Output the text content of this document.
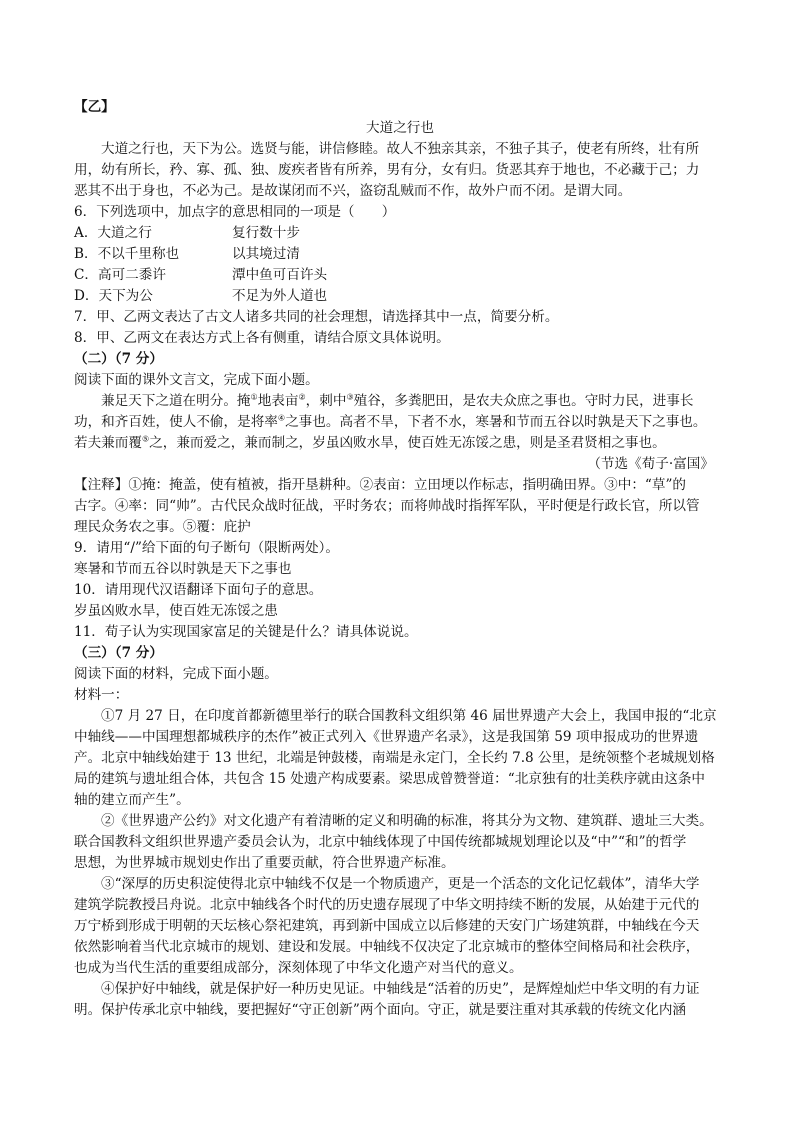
【乙】
大道之行也
大道之行也，天下为公。选贤与能，讲信修睦。故人不独亲其亲，不独子其子，使老有所终，壮有所
用，幼有所长，矜、寡、孤、独、废疾者皆有所养，男有分，女有归。货恶其弃于地也，不必藏于己；力
恶其不出于身也，不必为己。是故谋闭而不兴，盗窃乱贼而不作，故外户而不闭。是谓大同。
6．下列选项中，加点字的意思相同的一项是（　　）
A．大道之行	复行数十步
B．不以千里称也	以其境过清
C．高可二黍许	潭中鱼可百许头
D．天下为公	不足为外人道也
7．甲、乙两文表达了古文人诸多共同的社会理想，请选择其中一点，简要分析。
8．甲、乙两文在表达方式上各有侧重，请结合原文具体说明。
（二）（7 分）
阅读下面的课外文言文，完成下面小题。
兼足天下之道在明分。掩①地表亩②，刺中③殖谷，多粪肥田，是农夫众庶之事也。守时力民，进事长
功，和齐百姓，使人不偷，是将率④之事也。高者不旱，下者不水，寒暑和节而五谷以时孰是天下之事也。
若夫兼而覆⑤之，兼而爱之，兼而制之，岁虽凶败水旱，使百姓无冻馁之患，则是圣君贤相之事也。
（节选《荀子·富国》
【注释】①掩：掩盖，使有植被，指开垦耕种。②表亩：立田埂以作标志，指明确田界。③中：“草”的
古字。④率：同“帅”。古代民众战时征战，平时务农；而将帅战时指挥军队，平时便是行政长官，所以管
理民众务农之事。⑤覆：庇护
9．请用“/”给下面的句子断句（限断两处）。
寒暑和节而五谷以时孰是天下之事也
10．请用现代汉语翻译下面句子的意思。
岁虽凶败水旱，使百姓无冻馁之患
11．荀子认为实现国家富足的关键是什么？请具体说说。
（三）（7 分）
阅读下面的材料，完成下面小题。
材料一：
①7 月 27 日，在印度首都新德里举行的联合国教科文组织第 46 届世界遗产大会上，我国申报的“北京
中轴线——中国理想都城秩序的杰作”被正式列入《世界遗产名录》，这是我国第 59 项申报成功的世界遗
产。北京中轴线始建于 13 世纪，北端是钟鼓楼，南端是永定门，全长约 7.8 公里，是统领整个老城规划格
局的建筑与遗址组合体，共包含 15 处遗产构成要素。梁思成曾赞誉道：“北京独有的壮美秩序就由这条中
轴的建立而产生”。
②《世界遗产公约》对文化遗产有着清晰的定义和明确的标准，将其分为文物、建筑群、遗址三大类。
联合国教科文组织世界遗产委员会认为，北京中轴线体现了中国传统都城规划理论以及“中”“和”的哲学
思想，为世界城市规划史作出了重要贡献，符合世界遗产标准。
③“深厚的历史积淀使得北京中轴线不仅是一个物质遗产，更是一个活态的文化记忆载体”，清华大学
建筑学院教授吕舟说。北京中轴线各个时代的历史遗存展现了中华文明持续不断的发展，从始建于元代的
万宁桥到形成于明朝的天坛核心祭祀建筑，再到新中国成立以后修建的天安门广场建筑群，中轴线在今天
依然影响着当代北京城市的规划、建设和发展。中轴线不仅决定了北京城市的整体空间格局和社会秩序，
也成为当代生活的重要组成部分，深刻体现了中华文化遗产对当代的意义。
④保护好中轴线，就是保护好一种历史见证。中轴线是“活着的历史”，是辉煌灿烂中华文明的有力证
明。保护传承北京中轴线，要把握好“守正创新”两个面向。守正，就是要注重对其承载的传统文化内涵
